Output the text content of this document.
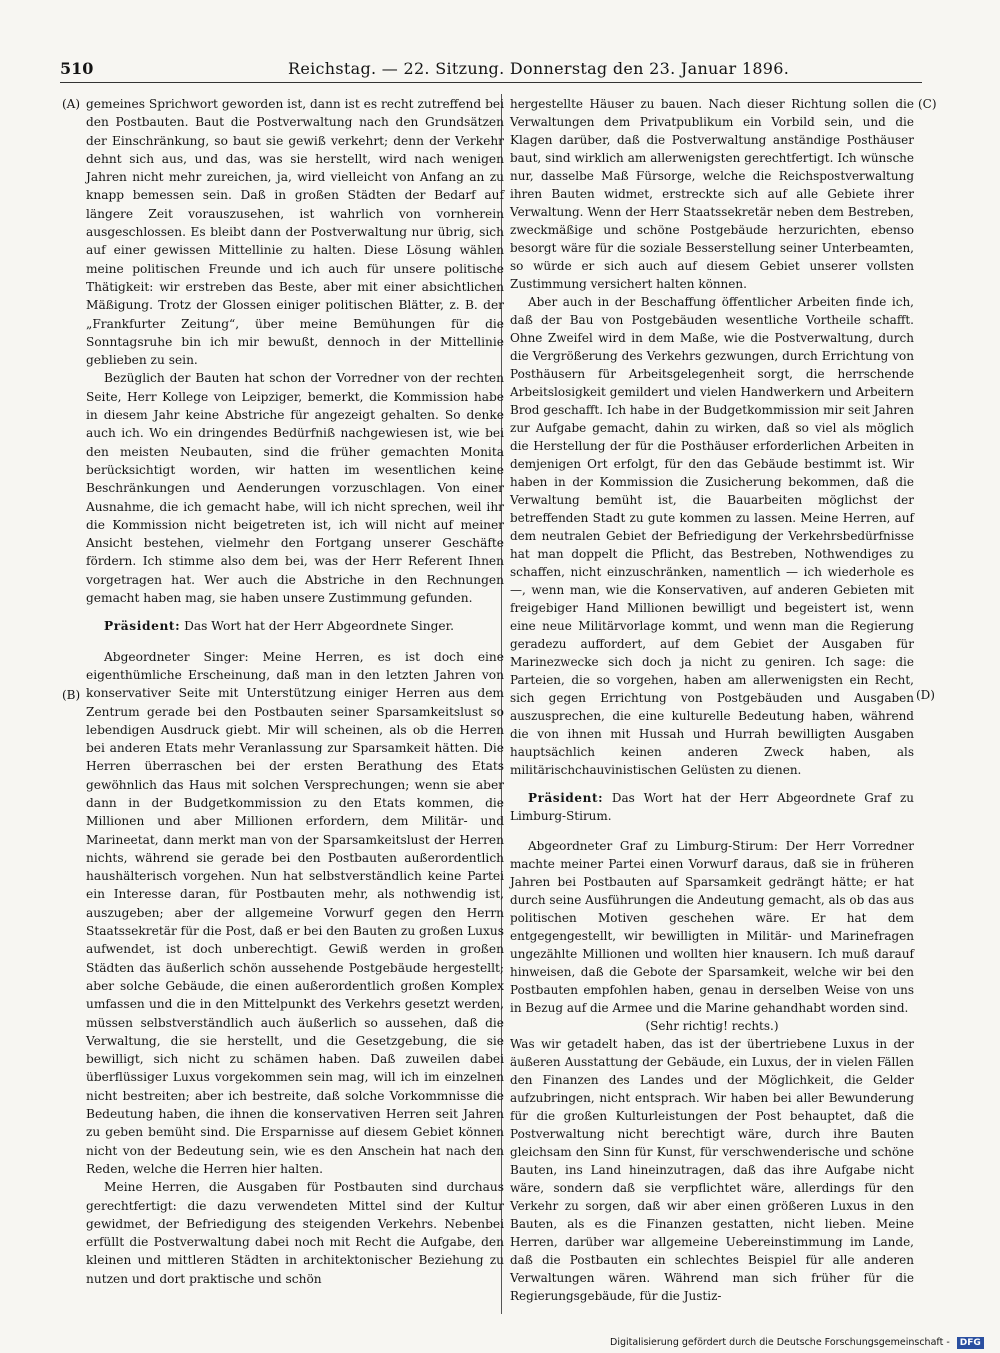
510	Reichstag. — 22. Sitzung. Donnerstag den 23. Januar 1896.
(A)
(B)
(C)
(D)

gemeines Sprichwort geworden ist, dann ist es recht zutreffend bei den Postbauten. Baut die Postverwaltung nach den Grundsätzen der Einschränkung, so baut sie gewiß verkehrt; denn der Verkehr dehnt sich aus, und das, was sie herstellt, wird nach wenigen Jahren nicht mehr zureichen, ja, wird vielleicht von Anfang an zu knapp bemessen sein. Daß in großen Städten der Bedarf auf längere Zeit vorauszusehen, ist wahrlich von vornherein ausgeschlossen. Es bleibt dann der Postverwaltung nur übrig, sich auf einer gewissen Mittellinie zu halten. Diese Lösung wählen meine politischen Freunde und ich auch für unsere politische Thätigkeit: wir erstreben das Beste, aber mit einer absichtlichen Mäßigung. Trotz der Glossen einiger politischen Blätter, z. B. der „Frankfurter Zeitung“, über meine Bemühungen für die Sonntagsruhe bin ich mir bewußt, dennoch in der Mittellinie geblieben zu sein.

Bezüglich der Bauten hat schon der Vorredner von der rechten Seite, Herr Kollege von Leipziger, bemerkt, die Kommission habe in diesem Jahr keine Abstriche für angezeigt gehalten. So denke auch ich. Wo ein dringendes Bedürfniß nachgewiesen ist, wie bei den meisten Neubauten, sind die früher gemachten Monita berücksichtigt worden, wir hatten im wesentlichen keine Beschränkungen und Aenderungen vorzuschlagen. Von einer Ausnahme, die ich gemacht habe, will ich nicht sprechen, weil ihr die Kommission nicht beigetreten ist, ich will nicht auf meiner Ansicht bestehen, vielmehr den Fortgang unserer Geschäfte fördern. Ich stimme also dem bei, was der Herr Referent Ihnen vorgetragen hat. Wer auch die Abstriche in den Rechnungen gemacht haben mag, sie haben unsere Zustimmung gefunden.

Präsident: Das Wort hat der Herr Abgeordnete Singer.

Abgeordneter Singer: Meine Herren, es ist doch eine eigenthümliche Erscheinung, daß man in den letzten Jahren von konservativer Seite mit Unterstützung einiger Herren aus dem Zentrum gerade bei den Postbauten seiner Sparsamkeitslust so lebendigen Ausdruck giebt. Mir will scheinen, als ob die Herren bei anderen Etats mehr Veranlassung zur Sparsamkeit hätten. Die Herren überraschen bei der ersten Berathung des Etats gewöhnlich das Haus mit solchen Versprechungen; wenn sie aber dann in der Budgetkommission zu den Etats kommen, die Millionen und aber Millionen erfordern, dem Militär- und Marineetat, dann merkt man von der Sparsamkeitslust der Herren nichts, während sie gerade bei den Postbauten außerordentlich haushälterisch vorgehen. Nun hat selbstverständlich keine Partei ein Interesse daran, für Postbauten mehr, als nothwendig ist, auszugeben; aber der allgemeine Vorwurf gegen den Herrn Staatssekretär für die Post, daß er bei den Bauten zu großen Luxus aufwendet, ist doch unberechtigt. Gewiß werden in großen Städten das äußerlich schön aussehende Postgebäude hergestellt; aber solche Gebäude, die einen außerordentlich großen Komplex umfassen und die in den Mittelpunkt des Verkehrs gesetzt werden, müssen selbstverständlich auch äußerlich so aussehen, daß die Verwaltung, die sie herstellt, und die Gesetzgebung, die sie bewilligt, sich nicht zu schämen haben. Daß zuweilen dabei überflüssiger Luxus vorgekommen sein mag, will ich im einzelnen nicht bestreiten; aber ich bestreite, daß solche Vorkommnisse die Bedeutung haben, die ihnen die konservativen Herren seit Jahren zu geben bemüht sind. Die Ersparnisse auf diesem Gebiet können nicht von der Bedeutung sein, wie es den Anschein hat nach den Reden, welche die Herren hier halten.

Meine Herren, die Ausgaben für Postbauten sind durchaus gerechtfertigt: die dazu verwendeten Mittel sind der Kultur gewidmet, der Befriedigung des steigenden Verkehrs. Nebenbei erfüllt die Postverwaltung dabei noch mit Recht die Aufgabe, den kleinen und mittleren Städten in architektonischer Beziehung zu nutzen und dort praktische und schön

hergestellte Häuser zu bauen. Nach dieser Richtung sollen die Verwaltungen dem Privatpublikum ein Vorbild sein, und die Klagen darüber, daß die Postverwaltung anständige Posthäuser baut, sind wirklich am allerwenigsten gerechtfertigt. Ich wünsche nur, dasselbe Maß Fürsorge, welche die Reichspostverwaltung ihren Bauten widmet, erstreckte sich auf alle Gebiete ihrer Verwaltung. Wenn der Herr Staatssekretär neben dem Bestreben, zweckmäßige und schöne Postgebäude herzurichten, ebenso besorgt wäre für die soziale Besserstellung seiner Unterbeamten, so würde er sich auch auf diesem Gebiet unserer vollsten Zustimmung versichert halten können.

Aber auch in der Beschaffung öffentlicher Arbeiten finde ich, daß der Bau von Postgebäuden wesentliche Vortheile schafft. Ohne Zweifel wird in dem Maße, wie die Postverwaltung, durch die Vergrößerung des Verkehrs gezwungen, durch Errichtung von Posthäusern für Arbeitsgelegenheit sorgt, die herrschende Arbeitslosigkeit gemildert und vielen Handwerkern und Arbeitern Brod geschafft. Ich habe in der Budgetkommission mir seit Jahren zur Aufgabe gemacht, dahin zu wirken, daß so viel als möglich die Herstellung der für die Posthäuser erforderlichen Arbeiten in demjenigen Ort erfolgt, für den das Gebäude bestimmt ist. Wir haben in der Kommission die Zusicherung bekommen, daß die Verwaltung bemüht ist, die Bauarbeiten möglichst der betreffenden Stadt zu gute kommen zu lassen. Meine Herren, auf dem neutralen Gebiet der Befriedigung der Verkehrsbedürfnisse hat man doppelt die Pflicht, das Bestreben, Nothwendiges zu schaffen, nicht einzuschränken, namentlich — ich wiederhole es —, wenn man, wie die Konservativen, auf anderen Gebieten mit freigebiger Hand Millionen bewilligt und begeistert ist, wenn eine neue Militärvorlage kommt, und wenn man die Regierung geradezu auffordert, auf dem Gebiet der Ausgaben für Marinezwecke sich doch ja nicht zu geniren. Ich sage: die Parteien, die so vorgehen, haben am allerwenigsten ein Recht, sich gegen Errichtung von Postgebäuden und Ausgaben auszusprechen, die eine kulturelle Bedeutung haben, während die von ihnen mit Hussah und Hurrah bewilligten Ausgaben hauptsächlich keinen anderen Zweck haben, als militärischchauvinistischen Gelüsten zu dienen.

Präsident: Das Wort hat der Herr Abgeordnete Graf zu Limburg-Stirum.

Abgeordneter Graf zu Limburg-Stirum: Der Herr Vorredner machte meiner Partei einen Vorwurf daraus, daß sie in früheren Jahren bei Postbauten auf Sparsamkeit gedrängt hätte; er hat durch seine Ausführungen die Andeutung gemacht, als ob das aus politischen Motiven geschehen wäre. Er hat dem entgegengestellt, wir bewilligten in Militär- und Marinefragen ungezählte Millionen und wollten hier knausern. Ich muß darauf hinweisen, daß die Gebote der Sparsamkeit, welche wir bei den Postbauten empfohlen haben, genau in derselben Weise von uns in Bezug auf die Armee und die Marine gehandhabt worden sind.

(Sehr richtig! rechts.)

Was wir getadelt haben, das ist der übertriebene Luxus in der äußeren Ausstattung der Gebäude, ein Luxus, der in vielen Fällen den Finanzen des Landes und der Möglichkeit, die Gelder aufzubringen, nicht entsprach. Wir haben bei aller Bewunderung für die großen Kulturleistungen der Post behauptet, daß die Postverwaltung nicht berechtigt wäre, durch ihre Bauten gleichsam den Sinn für Kunst, für verschwenderische und schöne Bauten, ins Land hineinzutragen, daß das ihre Aufgabe nicht wäre, sondern daß sie verpflichtet wäre, allerdings für den Verkehr zu sorgen, daß wir aber einen größeren Luxus in den Bauten, als es die Finanzen gestatten, nicht lieben. Meine Herren, darüber war allgemeine Uebereinstimmung im Lande, daß die Postbauten ein schlechtes Beispiel für alle anderen Verwaltungen wären. Während man sich früher für die Regierungsgebäude, für die Justiz-

Digitalisierung gefördert durch die Deutsche Forschungsgemeinschaft - DFG
